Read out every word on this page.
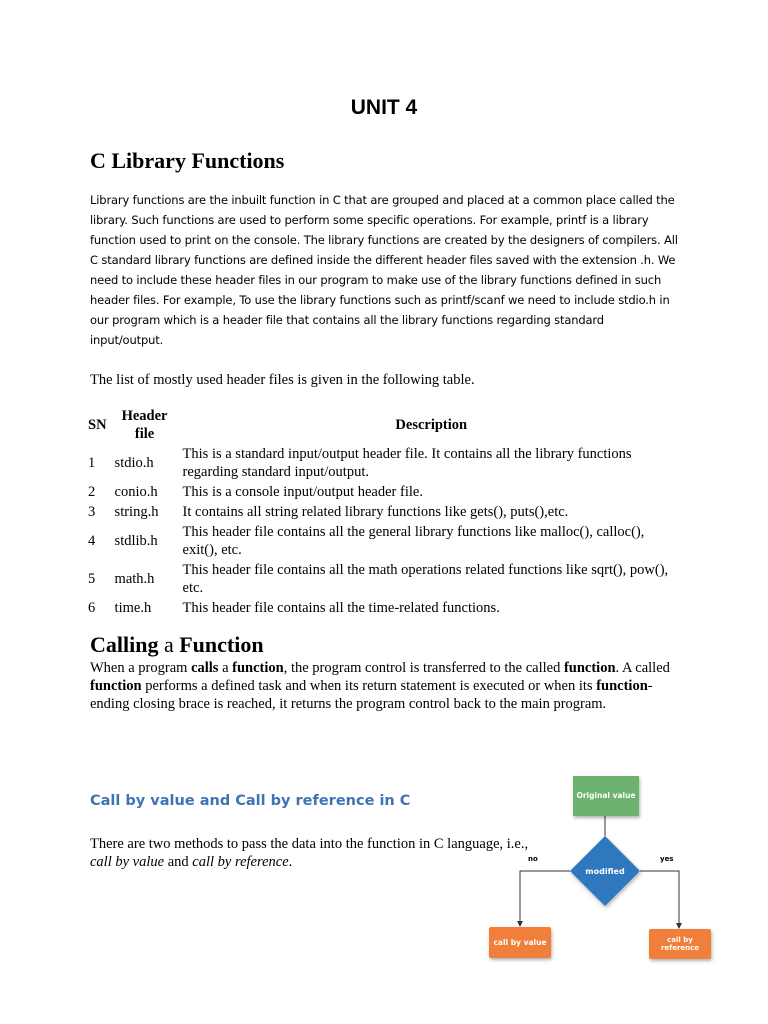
UNIT 4
C Library Functions
Library functions are the inbuilt function in C that are grouped and placed at a common place called the library. Such functions are used to perform some specific operations. For example, printf is a library function used to print on the console. The library functions are created by the designers of compilers. All C standard library functions are defined inside the different header files saved with the extension .h. We need to include these header files in our program to make use of the library functions defined in such header files. For example, To use the library functions such as printf/scanf we need to include stdio.h in our program which is a header file that contains all the library functions regarding standard input/output.
The list of mostly used header files is given in the following table.
SN	Header file	Description
1	stdio.h	This is a standard input/output header file. It contains all the library functions regarding standard input/output.
2	conio.h	This is a console input/output header file.
3	string.h	It contains all string related library functions like gets(), puts(),etc.
4	stdlib.h	This header file contains all the general library functions like malloc(), calloc(), exit(), etc.
5	math.h	This header file contains all the math operations related functions like sqrt(), pow(), etc.
6	time.h	This header file contains all the time-related functions.
Calling a Function
When a program calls a function, the program control is transferred to the called function. A called function performs a defined task and when its return statement is executed or when its function-ending closing brace is reached, it returns the program control back to the main program.
Call by value and Call by reference in C
There are two methods to pass the data into the function in C language, i.e., call by value and call by reference.
Original value
modified
no	yes
call by value	call by reference
